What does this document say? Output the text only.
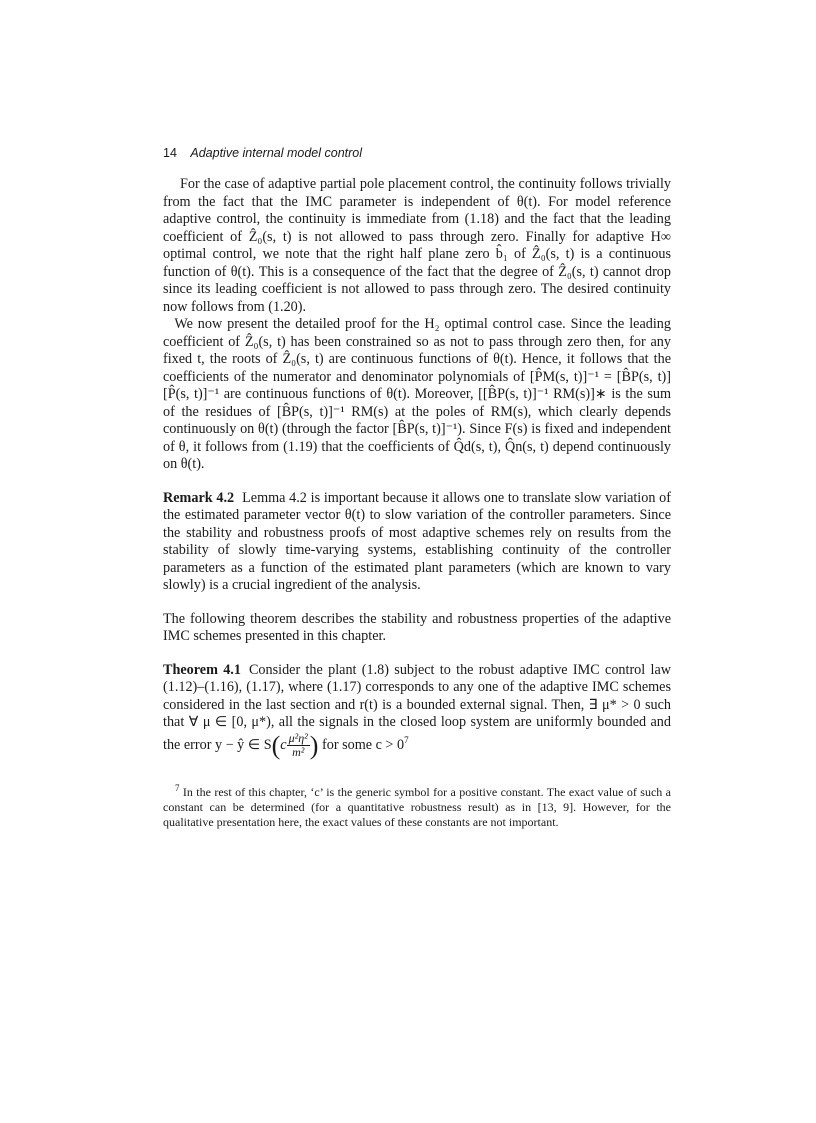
14 Adaptive internal model control

For the case of adaptive partial pole placement control, the continuity follows trivially from the fact that the IMC parameter is independent of θ(t). For model reference adaptive control, the continuity is immediate from (1.18) and the fact that the leading coefficient of Ẑ₀(s, t) is not allowed to pass through zero. Finally for adaptive H∞ optimal control, we note that the right half plane zero b̂₁ of Ẑ₀(s, t) is a continuous function of θ(t). This is a consequence of the fact that the degree of Ẑ₀(s, t) cannot drop since its leading coefficient is not allowed to pass through zero. The desired continuity now follows from (1.20).

We now present the detailed proof for the H₂ optimal control case. Since the leading coefficient of Ẑ₀(s, t) has been constrained so as not to pass through zero then, for any fixed t, the roots of Ẑ₀(s, t) are continuous functions of θ(t). Hence, it follows that the coefficients of the numerator and denominator polynomials of [P̂M(s, t)]⁻¹ = [B̂P(s, t)][P̂(s, t)]⁻¹ are continuous functions of θ(t). Moreover, [[B̂P(s, t)]⁻¹ RM(s)]∗ is the sum of the residues of [B̂P(s, t)]⁻¹ RM(s) at the poles of RM(s), which clearly depends continuously on θ(t) (through the factor [B̂P(s, t)]⁻¹). Since F(s) is fixed and independent of θ, it follows from (1.19) that the coefficients of Q̂d(s, t), Q̂n(s, t) depend continuously on θ(t).

Remark 4.2 Lemma 4.2 is important because it allows one to translate slow variation of the estimated parameter vector θ(t) to slow variation of the controller parameters. Since the stability and robustness proofs of most adaptive schemes rely on results from the stability of slowly time-varying systems, establishing continuity of the controller parameters as a function of the estimated plant parameters (which are known to vary slowly) is a crucial ingredient of the analysis.

The following theorem describes the stability and robustness properties of the adaptive IMC schemes presented in this chapter.

Theorem 4.1 Consider the plant (1.8) subject to the robust adaptive IMC control law (1.12)–(1.16), (1.17), where (1.17) corresponds to any one of the adaptive IMC schemes considered in the last section and r(t) is a bounded external signal. Then, ∃ μ* > 0 such that ∀ μ ∈ [0, μ*), all the signals in the closed loop system are uniformly bounded and the error y − ŷ ∈ $S(c \frac{\text{μ²η²}}{\text{m²}}$ ) for some $c > 0^7$

$^7$ In the rest of this chapter, ‘c’ is the generic symbol for a positive constant. The exact value of such a constant can be determined (for a quantitative robustness result) as in [13, 9]. However, for the qualitative presentation here, the exact values of these constants are not important.
